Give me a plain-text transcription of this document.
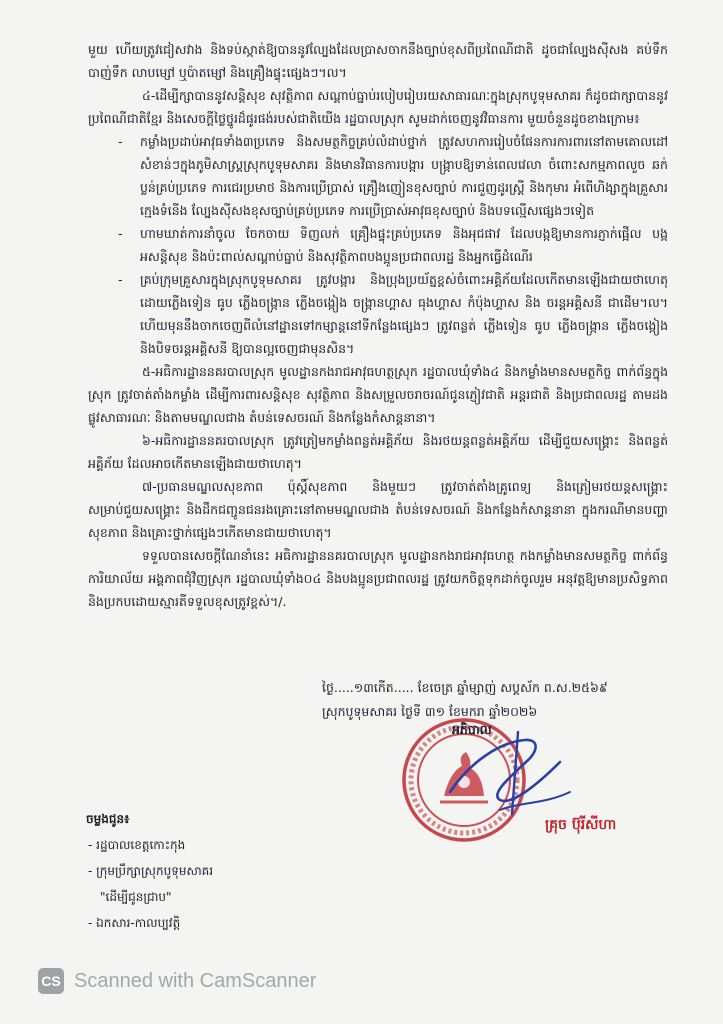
មួយ ហើយត្រូវជៀសវាង និងទប់ស្កាត់ឱ្យបាននូវល្បែងដែលប្រាសចាកនឹងច្បាប់ខុសពីប្រពៃណីជាតិ ដូចជាល្បែងស៊ីសង គប់ទឹក បាញ់ទឹក លាបម្សៅ ឬប៉ាតម្សៅ និងគ្រឿងផ្ទុះផ្សេងៗ។ល។

៤-ដើម្បីក្សាបាននូវសន្តិសុខ សុវត្ថិភាព សណ្តាប់ធ្នាប់របៀបរៀបរយសាធារណៈក្នុងស្រុកបូទុមសាគរ ក៏ដូចជាក្សាបាននូវប្រពៃណីជាតិខ្មែរ និងសេចក្តីថ្លៃថ្នូរដ៏ផូរផង់របស់ជាតិយើង រដ្ឋបាលស្រុក សូមដាក់ចេញនូវវិធានការ មួយចំនួនដូចខាងក្រោម៖

- កម្លាំងប្រដាប់អាវុធទាំង៣ប្រភេទ និងសមត្ថកិច្ចគ្រប់លំដាប់ថ្នាក់ ត្រូវសហការរៀបចំផែនការការពារនៅតាមគោលដៅសំខាន់ៗក្នុងភូមិសាស្ត្រស្រុកបូទុមសាគរ និងមានវិធានការបង្ការ បង្ក្រាបឱ្យទាន់ពេលវេលា ចំពោះសកម្មភាពលួច ឆក់ ប្លន់គ្រប់ប្រភេទ ការជេរប្រមាថ និងការប្រើប្រាស់ គ្រឿងញៀនខុសច្បាប់ ការជួញដូរស្ត្រី និងកុមារ អំពើហិង្សាក្នុងគ្រួសារ ក្មេងទំនើង ល្បែងស៊ីសងខុសច្បាប់គ្រប់ប្រភេទ ការប្រើប្រាស់អាវុធខុសច្បាប់ និងបទល្មើសផ្សេងៗទៀត
- ហាមឃាត់ការនាំចូល ចែកចាយ ទិញលក់ គ្រឿងផ្ទុះគ្រប់ប្រភេទ និងអុជផាវ ដែលបង្កឱ្យមានការភ្ញាក់ផ្អើល បង្កអសន្តិសុខ និងប៉ះពាល់សណ្តាប់ធ្នាប់ និងសុវត្ថិភាពបងប្អូនប្រជាពលរដ្ឋ និងអ្នកធ្វើដំណើរ
- គ្រប់ក្រុមគ្រួសារក្នុងស្រុកបូទុមសាគរ ត្រូវបង្ការ និងប្រុងប្រយ័ត្នខ្ពស់ចំពោះអគ្គិភ័យដែលកើតមានឡើងជាយថាហេតុ ដោយភ្លើងទៀន ធូប ភ្លើងចង្ក្រាន ភ្លើងចង្កៀង ចង្ក្រានហ្គាស ធុងហ្គាស កំប៉ុងហ្គាស និង ចរន្តអគ្គិសនី ជាដើម។ល។ ហើយមុននឹងចាកចេញពីលំនៅដ្ឋានទៅកម្សាន្តនៅទីកន្លែងផ្សេងៗ ត្រូវពន្លត់ ភ្លើងទៀន ធូប ភ្លើងចង្ក្រាន ភ្លើងចង្កៀង និងបិទចរន្តអគ្គិសនី ឱ្យបានល្អចេញជាមុនសិន។

៥-អធិការដ្ឋាននគរបាលស្រុក មូលដ្ឋានកងរាជអាវុធហត្ថស្រុក រដ្ឋបាលឃុំទាំង៤ និងកម្លាំងមានសមត្ថកិច្ច ពាក់ព័ន្ធក្នុងស្រុក ត្រូវចាត់តាំងកម្លាំង ដើម្បីការពារសន្តិសុខ សុវត្ថិភាព និងសម្រួលចរាចរណ៍ជូនភ្ញៀវជាតិ អន្តរជាតិ និងប្រជាពលរដ្ឋ តាមដងផ្លូវសាធារណៈ និងតាមមណ្ឌលជាង តំបន់ទេសចរណ៍ និងកន្លែងកំសាន្តនានា។

៦-អធិការដ្ឋាននគរបាលស្រុក ត្រូវត្រៀមកម្លាំងពន្លត់អគ្គិភ័យ និងរថយន្តពន្លត់អគ្គិភ័យ ដើម្បីជួយសង្គ្រោះ និងពន្លត់ អគ្គិភ័យ ដែលអាចកើតមានឡើងជាយថាហេតុ។

៧-ប្រធានមណ្ឌលសុខភាព ប៉ុស្តិ៍សុខភាព និងមួយៗ ត្រូវចាត់តាំងគ្រូពេទ្យ និងត្រៀមរថយន្តសង្គ្រោះ សម្រាប់ជួយសង្គ្រោះ និងដឹកជញ្ជូនជនរងគ្រោះនៅតាមមណ្ឌលជាង តំបន់ទេសចរណ៍ និងកន្លែងកំសាន្តនានា ក្នុងករណីមានបញ្ហាសុខភាព និងគ្រោះថ្នាក់ផ្សេងៗកើតមានជាយថាហេតុ។

ទទួលបានសេចក្តីណែនាំនេះ អធិការដ្ឋាននគរបាលស្រុក មូលដ្ឋានកងរាជអាវុធហត្ថ កងកម្លាំងមានសមត្ថកិច្ច ពាក់ព័ន្ធ ការិយាល័យ អង្គភាពជុំវិញស្រុក រដ្ឋបាលឃុំទាំង០៤ និងបងប្អូនប្រជាពលរដ្ឋ ត្រូវយកចិត្តទុកដាក់ចូលរួម អនុវត្តឱ្យមានប្រសិទ្ធភាព និងប្រកបដោយស្មារតីទទួលខុសត្រូវខ្ពស់។/.

ថ្ងៃ.....១៣កើត..... ខែចេត្រ ឆ្នាំម្សាញ់ សប្តស័ក ព.ស.២៥៦៩
ស្រុកបូទុមសាគរ ថ្ងៃទី ៣១ ខែមករា ឆ្នាំ២០២៦
អភិបាល
គ្រុច ប៊ុរីសីហា
ចម្លងជូន៖
- រដ្ឋបាលខេត្តកោះកុង
- ក្រុមប្រឹក្សាស្រុកបូទុមសាគរ
"ដើម្បីជូនជ្រាប"
- ឯកសារ-កាលប្បវត្តិ
CS Scanned with CamScanner
